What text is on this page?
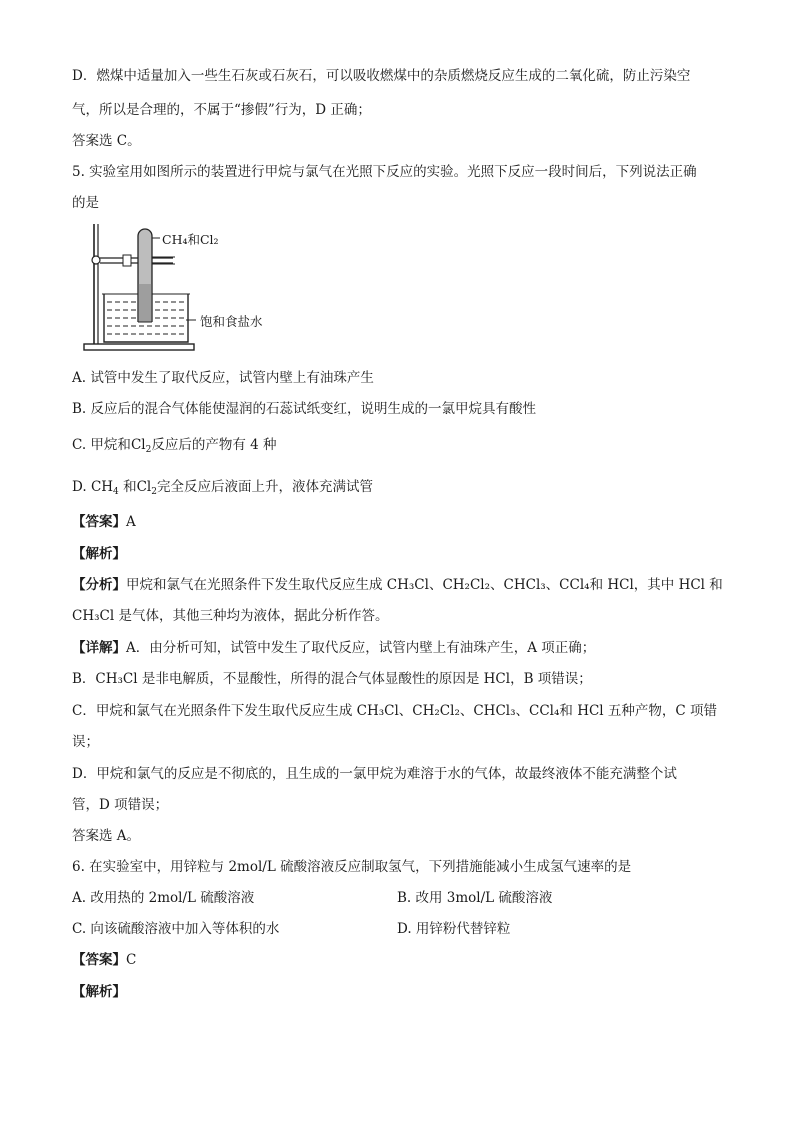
D．燃煤中适量加入一些生石灰或石灰石，可以吸收燃煤中的杂质燃烧反应生成的二氧化硫，防止污染空
气，所以是合理的，不属于“掺假”行为，D 正确；
答案选 C。
5. 实验室用如图所示的装置进行甲烷与氯气在光照下反应的实验。光照下反应一段时间后，下列说法正确
的是
CH₄和Cl₂
饱和食盐水
A. 试管中发生了取代反应，试管内壁上有油珠产生
B. 反应后的混合气体能使湿润的石蕊试纸变红，说明生成的一氯甲烷具有酸性
C. 甲烷和$Cl_2$反应后的产物有 4 种
D. $CH_4$ 和$Cl_2$完全反应后液面上升，液体充满试管
【答案】A
【解析】
【分析】甲烷和氯气在光照条件下发生取代反应生成 CH₃Cl、CH₂Cl₂、CHCl₃、CCl₄和 HCl，其中 HCl 和
CH₃Cl 是气体，其他三种均为液体，据此分析作答。
【详解】A．由分析可知，试管中发生了取代反应，试管内壁上有油珠产生，A 项正确；
B．CH₃Cl 是非电解质，不显酸性，所得的混合气体显酸性的原因是 HCl，B 项错误；
C．甲烷和氯气在光照条件下发生取代反应生成 CH₃Cl、CH₂Cl₂、CHCl₃、CCl₄和 HCl 五种产物，C 项错
误；
D．甲烷和氯气的反应是不彻底的，且生成的一氯甲烷为难溶于水的气体，故最终液体不能充满整个试
管，D 项错误；
答案选 A。
6. 在实验室中，用锌粒与 2mol/L 硫酸溶液反应制取氢气，下列措施能减小生成氢气速率的是
A. 改用热的 2mol/L 硫酸溶液	B. 改用 3mol/L 硫酸溶液
C. 向该硫酸溶液中加入等体积的水	D. 用锌粉代替锌粒
【答案】C
【解析】
